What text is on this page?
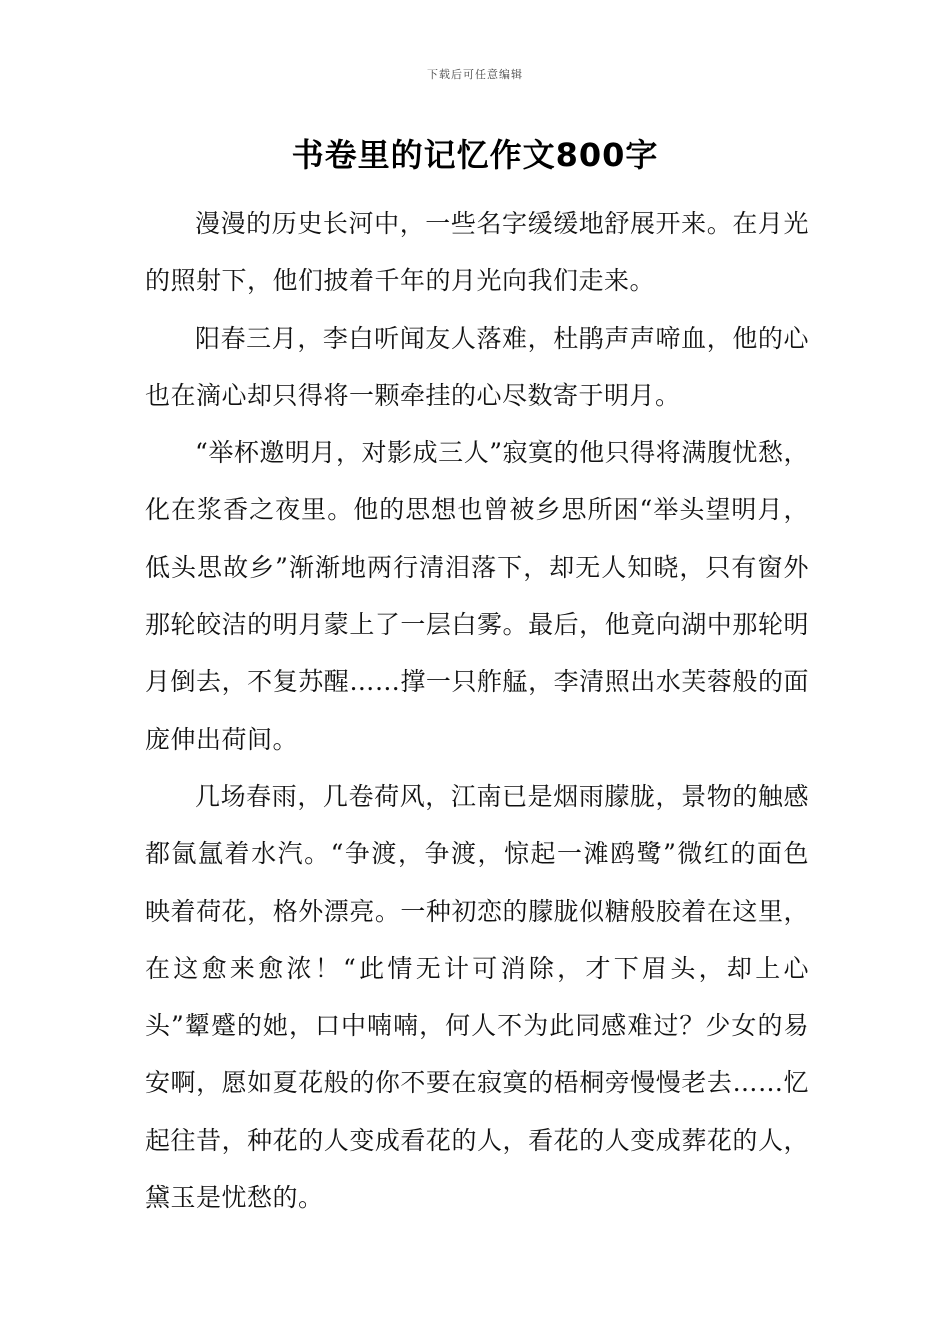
下载后可任意编辑
书卷里的记忆作文800字

漫漫的历史长河中，一些名字缓缓地舒展开来。在月光的照射下，他们披着千年的月光向我们走来。

阳春三月，李白听闻友人落难，杜鹃声声啼血，他的心也在滴心却只得将一颗牵挂的心尽数寄于明月。

“举杯邀明月，对影成三人”寂寞的他只得将满腹忧愁，化在浆香之夜里。他的思想也曾被乡思所困“举头望明月，低头思故乡”渐渐地两行清泪落下，却无人知晓，只有窗外那轮皎洁的明月蒙上了一层白雾。最后，他竟向湖中那轮明月倒去，不复苏醒……撑一只舴艋，李清照出水芙蓉般的面庞伸出荷间。

几场春雨，几卷荷风，江南已是烟雨朦胧，景物的触感都氤氲着水汽。“争渡，争渡，惊起一滩鸥鹭”微红的面色映着荷花，格外漂亮。一种初恋的朦胧似糖般胶着在这里，在这愈来愈浓！“此情无计可消除，才下眉头，却上心头”颦蹙的她，口中喃喃，何人不为此同感难过？少女的易安啊，愿如夏花般的你不要在寂寞的梧桐旁慢慢老去……忆起往昔，种花的人变成看花的人，看花的人变成葬花的人，黛玉是忧愁的。
